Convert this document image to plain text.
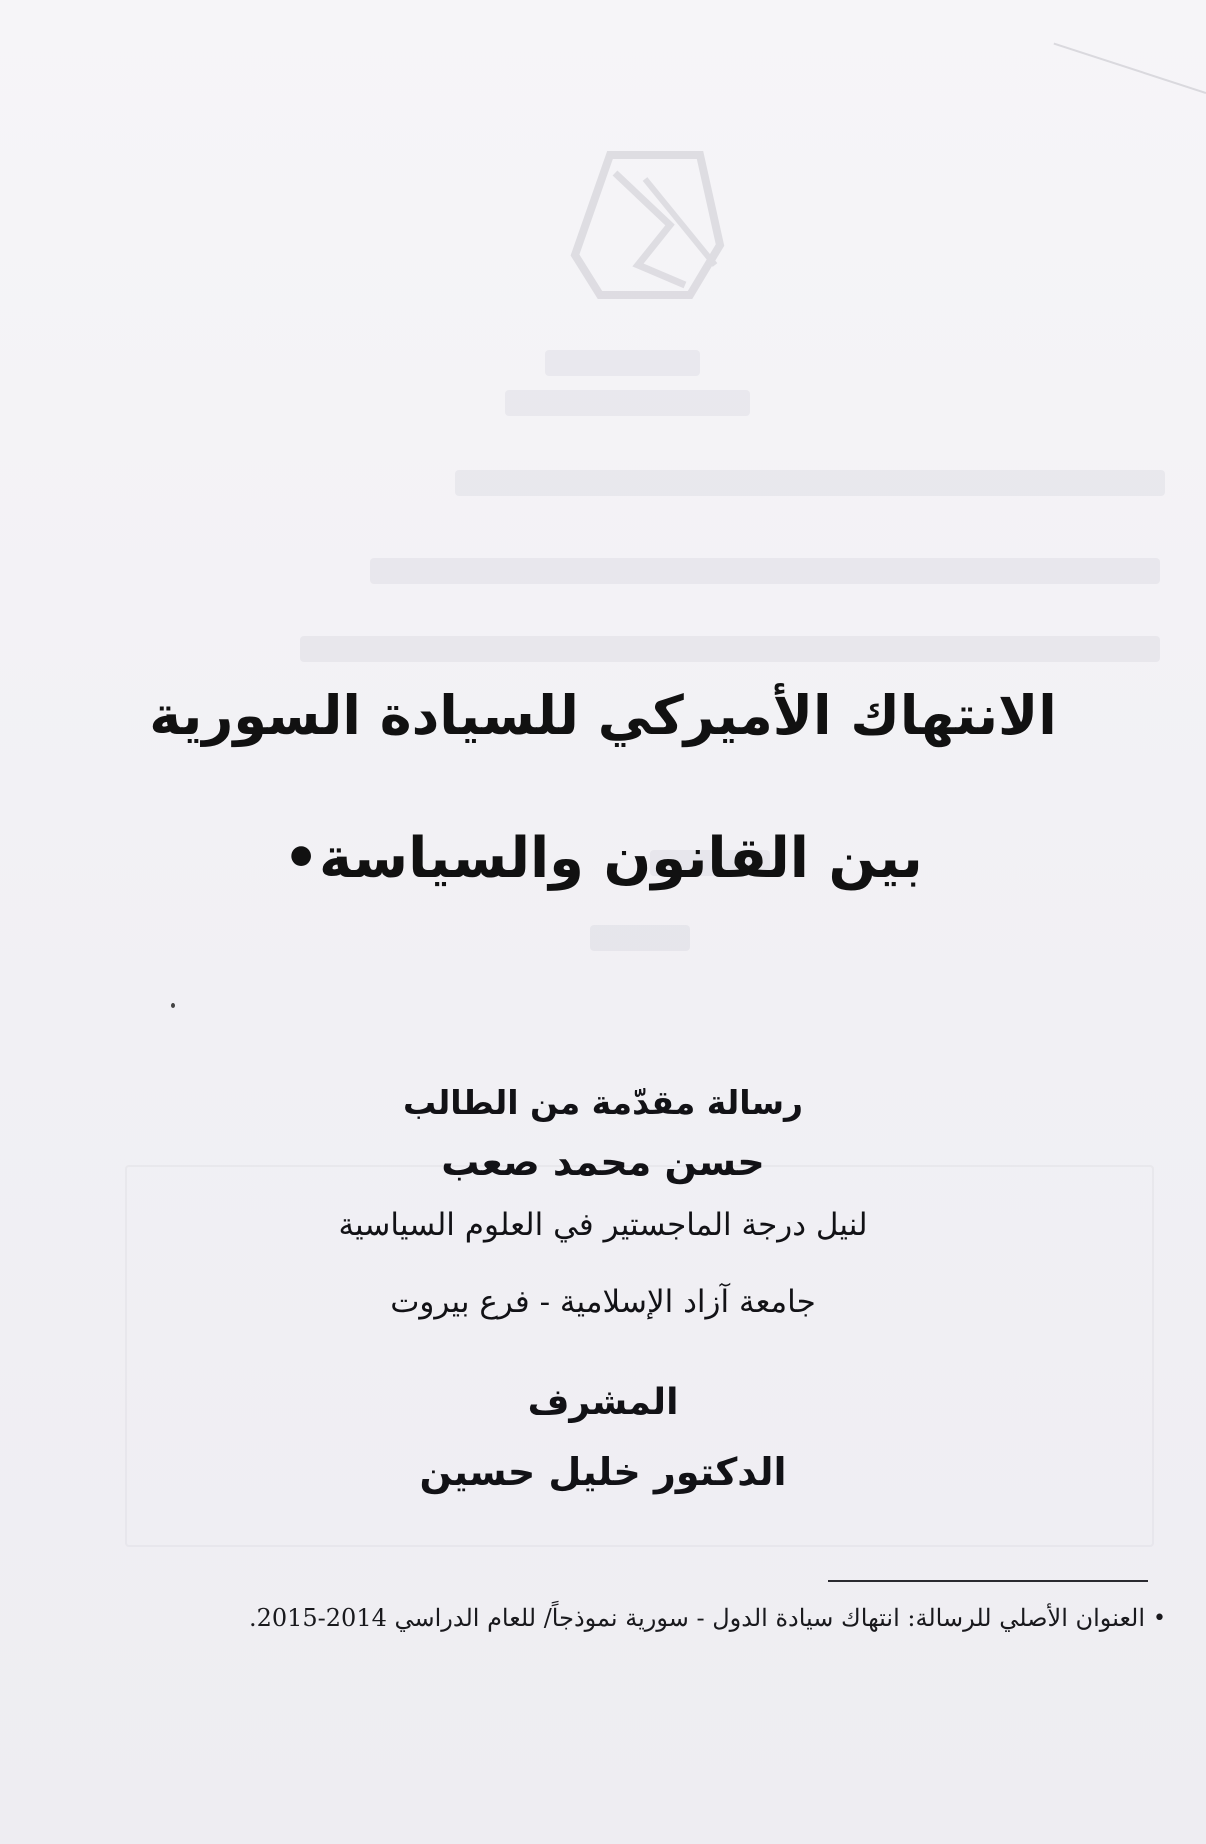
الانتهاك الأميركي للسيادة السورية
بين القانون والسياسة•
رسالة مقدّمة من الطالب
حسن محمد صعب
لنيل درجة الماجستير في العلوم السياسية
جامعة آزاد الإسلامية - فرع بيروت
المشرف
الدكتور خليل حسين
•العنوان الأصلي للرسالة: انتهاك سيادة الدول - سورية نموذجاً/ للعام الدراسي 2014-2015.
